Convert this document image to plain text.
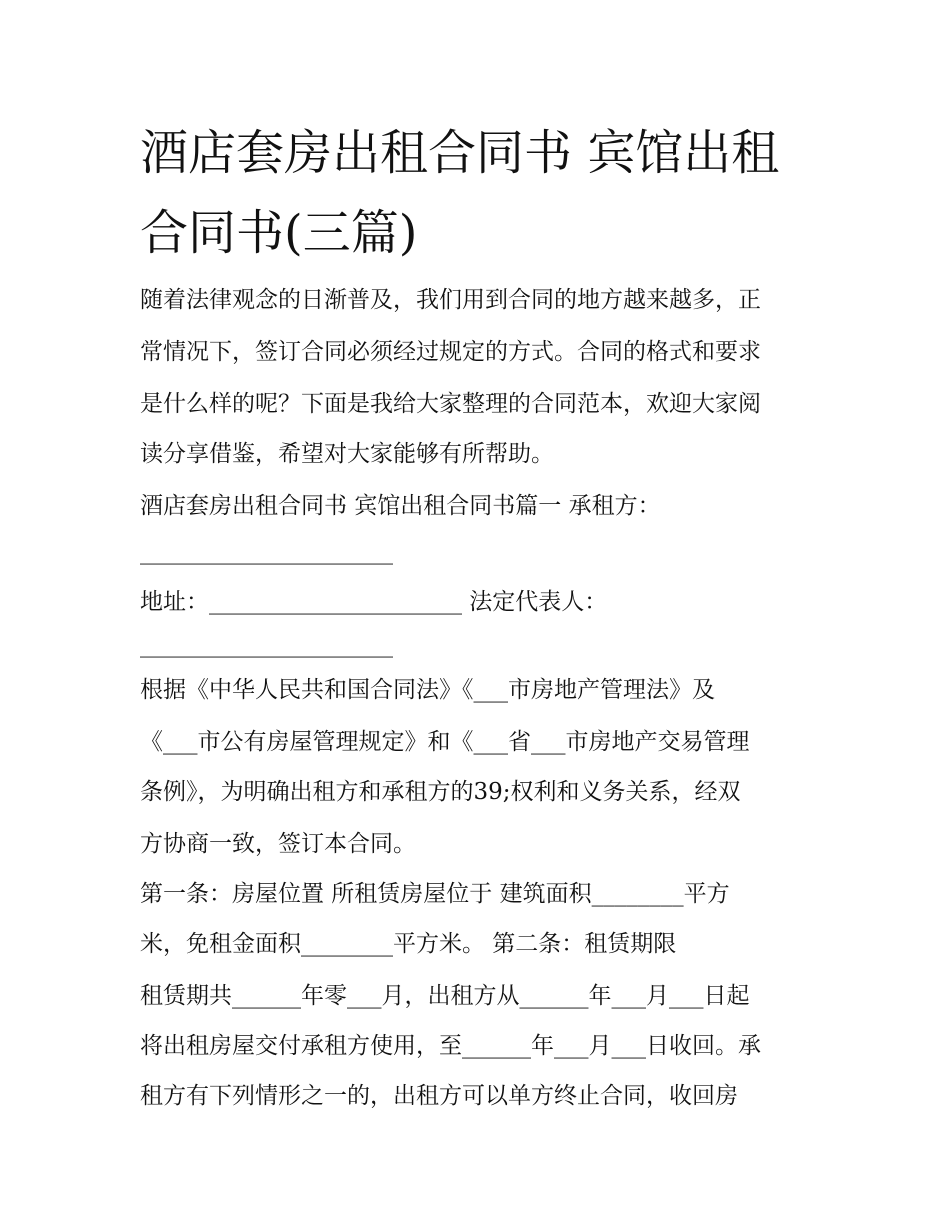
酒店套房出租合同书 宾馆出租
合同书(三篇)
随着法律观念的日渐普及，我们用到合同的地方越来越多，正
常情况下，签订合同必须经过规定的方式。合同的格式和要求
是什么样的呢？下面是我给大家整理的合同范本，欢迎大家阅
读分享借鉴，希望对大家能够有所帮助。
酒店套房出租合同书 宾馆出租合同书篇一 承租方：
______________________
地址：______________________ 法定代表人：
______________________
根据《中华人民共和国合同法》《___市房地产管理法》及
《___市公有房屋管理规定》和《___省___市房地产交易管理
条例》，为明确出租方和承租方的39;权利和义务关系，经双
方协商一致，签订本合同。
第一条：房屋位置 所租赁房屋位于 建筑面积________平方
米，免租金面积________平方米。 第二条：租赁期限
租赁期共______年零___月，出租方从______年___月___日起
将出租房屋交付承租方使用，至______年___月___日收回。承
租方有下列情形之一的，出租方可以单方终止合同，收回房
